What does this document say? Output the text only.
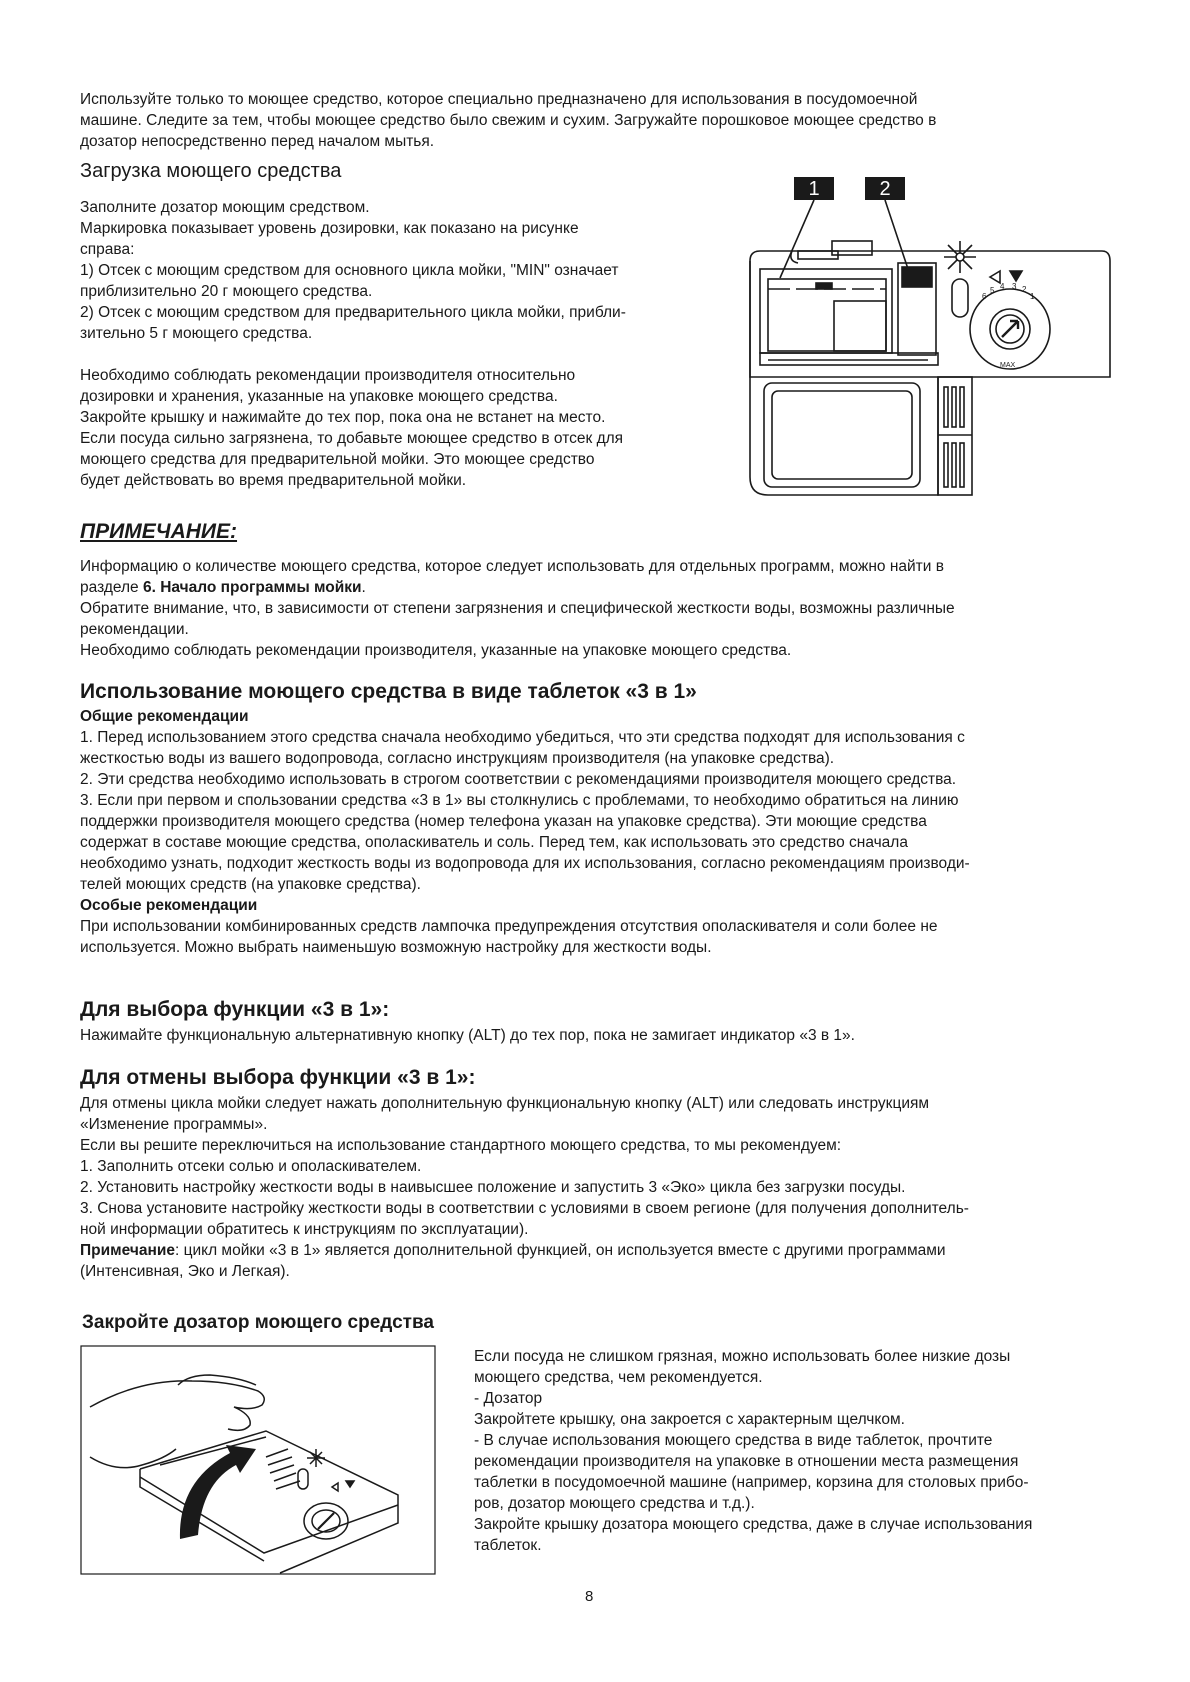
Используйте только то моющее средство, которое специально предназначено для использования в посудомоечной

машине. Следите за тем, чтобы моющее средство было свежим и сухим. Загружайте порошковое моющее средство в

дозатор непосредственно перед началом мытья.

Загрузка моющего средства

Заполните дозатор моющим средством.

Маркировка показывает уровень дозировки, как показано на рисунке

справа:

1) Отсек с моющим средством для основного цикла мойки, "MIN" означает

приблизительно 20 г моющего средства.

2) Отсек с моющим средством для предварительного цикла мойки, прибли-

зительно 5 г моющего средства.

Необходимо соблюдать рекомендации производителя относительно

дозировки и хранения, указанные на упаковке моющего средства.

Закройте крышку и нажимайте до тех пор, пока она не встанет на место.

Если посуда сильно загрязнена, то добавьте моющее средство в отсек для

моющего средства для предварительной мойки. Это моющее средство

будет действовать во время предварительной мойки.

1	2
6
5 4 3 2
1
MAX
ПРИМЕЧАНИЕ:

Информацию о количестве моющего средства, которое следует использовать для отдельных программ, можно найти в

разделе 6. Начало программы мойки.

Обратите внимание, что, в зависимости от степени загрязнения и специфической жесткости воды, возможны различные

рекомендации.

Необходимо соблюдать рекомендации производителя, указанные на упаковке моющего средства.

Использование моющего средства в виде таблеток «3 в 1»

Общие рекомендации

1. Перед использованием этого средства сначала необходимо убедиться, что эти средства подходят для использования с

жесткостью воды из вашего водопровода, согласно инструкциям производителя (на упаковке средства).

2. Эти средства необходимо использовать в строгом соответствии с рекомендациями производителя моющего средства.

3. Если при первом и спользовании средства «3 в 1» вы столкнулись с проблемами, то необходимо обратиться на линию

поддержки производителя моющего средства (номер телефона указан на упаковке средства). Эти моющие средства

содержат в составе моющие средства, ополаскиватель и соль. Перед тем, как использовать это средство сначала

необходимо узнать, подходит жесткость воды из водопровода для их использования, согласно рекомендациям производи-

телей моющих средств (на упаковке средства).

Особые рекомендации

При использовании комбинированных средств лампочка предупреждения отсутствия ополаскивателя и соли более не

используется. Можно выбрать наименьшую возможную настройку для жесткости воды.

Для выбора функции «3 в 1»:

Нажимайте функциональную альтернативную кнопку (ALT) до тех пор, пока не замигает индикатор «3 в 1».

Для отмены выбора функции «3 в 1»:

Для отмены цикла мойки следует нажать дополнительную функциональную кнопку (ALT) или следовать инструкциям

«Изменение программы».

Если вы решите переключиться на использование стандартного моющего средства, то мы рекомендуем:

1. Заполнить отсеки солью и ополаскивателем.

2. Установить настройку жесткости воды в наивысшее положение и запустить 3 «Эко» цикла без загрузки посуды.

3. Снова установите настройку жесткости воды в соответствии с условиями в своем регионе (для получения дополнитель-

ной информации обратитесь к инструкциям по эксплуатации).

Примечание: цикл мойки «3 в 1» является дополнительной функцией, он используется вместе с другими программами

(Интенсивная, Эко и Легкая).

Закройте дозатор моющего средства

Если посуда не слишком грязная, можно использовать более низкие дозы

моющего средства, чем рекомендуется.

- Дозатор

Закройтете крышку, она закроется с характерным щелчком.

- В случае использования моющего средства в виде таблеток, прочтите

рекомендации производителя на упаковке в отношении места размещения

таблетки в посудомоечной машине (например, корзина для столовых прибо-

ров, дозатор моющего средства и т.д.).

Закройте крышку дозатора моющего средства, даже в случае использования

таблеток.

8
